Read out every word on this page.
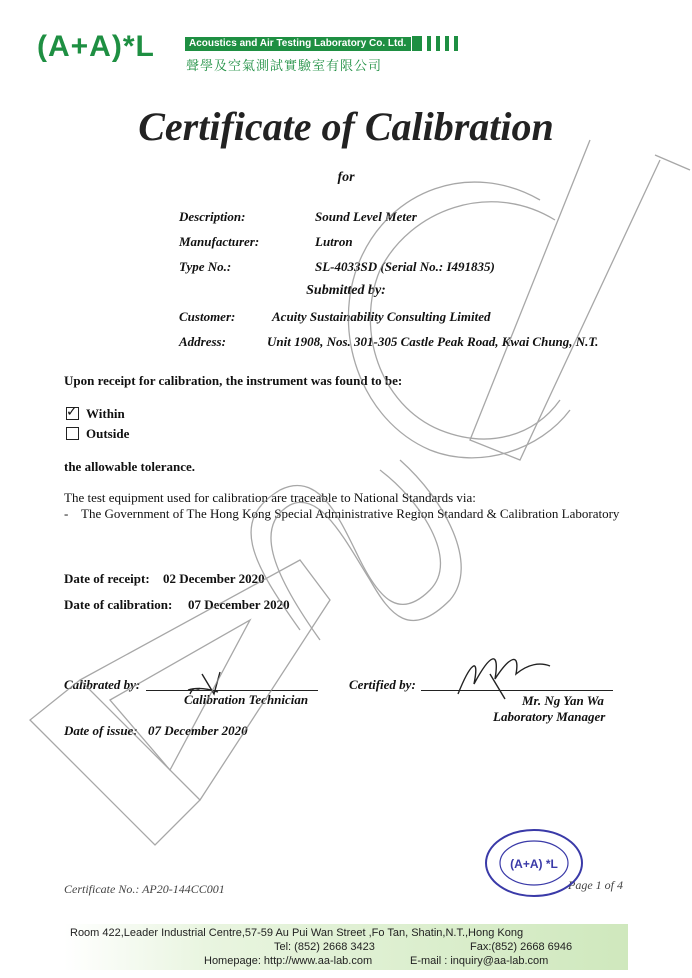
(A+A)*L	Acoustics and Air Testing Laboratory Co. Ltd.
聲學及空氣測試實驗室有限公司
Certificate of Calibration
for
Description:	Sound Level Meter
Manufacturer:	Lutron
Type No.:	SL-4033SD (Serial No.: I491835)
Submitted by:
Customer:	Acuity Sustainability Consulting Limited
Address:	Unit 1908, Nos. 301-305 Castle Peak Road, Kwai Chung, N.T.
Upon receipt for calibration, the instrument was found to be:
✓ Within
Outside
the allowable tolerance.
The test equipment used for calibration are traceable to National Standards via:
- The Government of The Hong Kong Special Administrative Region Standard & Calibration Laboratory
Date of receipt: 02 December 2020
Date of calibration: 07 December 2020
Calibrated by:
Calibration Technician
Certified by:
Mr. Ng Yan Wa
Laboratory Manager
Date of issue: 07 December 2020
Certificate No.: AP20-144CC001	Page 1 of 4
(A+A) *L
Room 422,Leader Industrial Centre,57-59 Au Pui Wan Street ,Fo Tan, Shatin,N.T.,Hong Kong
Tel: (852) 2668 3423	Fax:(852) 2668 6946
Homepage: http://www.aa-lab.com	E-mail : inquiry@aa-lab.com
